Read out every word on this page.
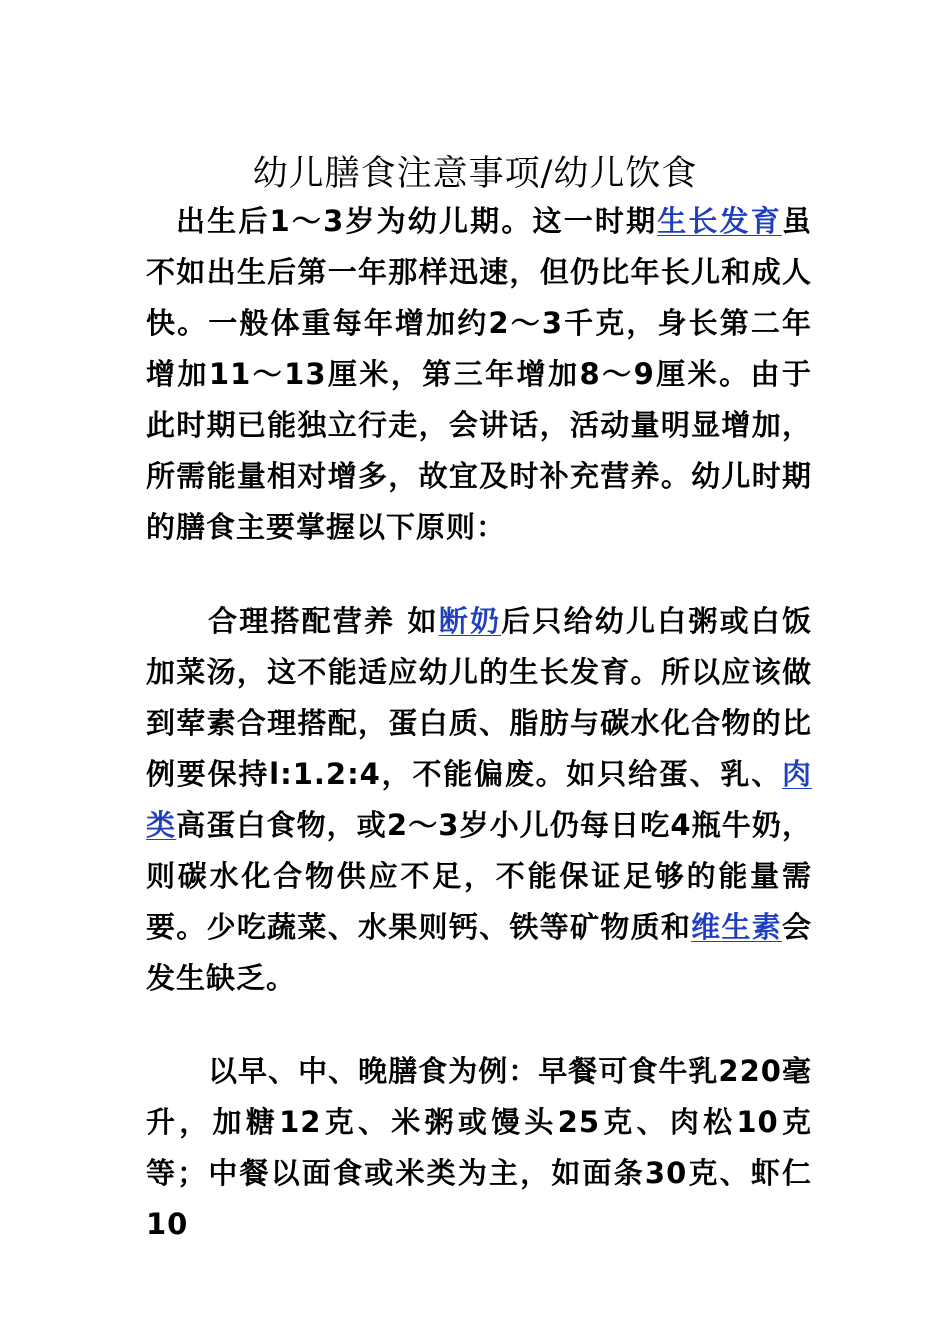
幼儿膳食注意事项/幼儿饮食

出生后1～3岁为幼儿期。这一时期生长发育虽不如出生后第一年那样迅速，但仍比年长儿和成人快。一般体重每年增加约2～3千克，身长第二年增加11～13厘米，第三年增加8～9厘米。由于此时期已能独立行走，会讲话，活动量明显增加，所需能量相对增多，故宜及时补充营养。幼儿时期的膳食主要掌握以下原则：

合理搭配营养 如断奶后只给幼儿白粥或白饭加菜汤，这不能适应幼儿的生长发育。所以应该做到荤素合理搭配，蛋白质、脂肪与碳水化合物的比例要保持l:1.2:4，不能偏废。如只给蛋、乳、肉类高蛋白食物，或2～3岁小儿仍每日吃4瓶牛奶，则碳水化合物供应不足，不能保证足够的能量需要。少吃蔬菜、水果则钙、铁等矿物质和维生素会发生缺乏。

以早、中、晚膳食为例：早餐可食牛乳220毫升，加糖12克、米粥或馒头25克、肉松10克等；中餐以面食或米类为主，如面条30克、虾仁10
